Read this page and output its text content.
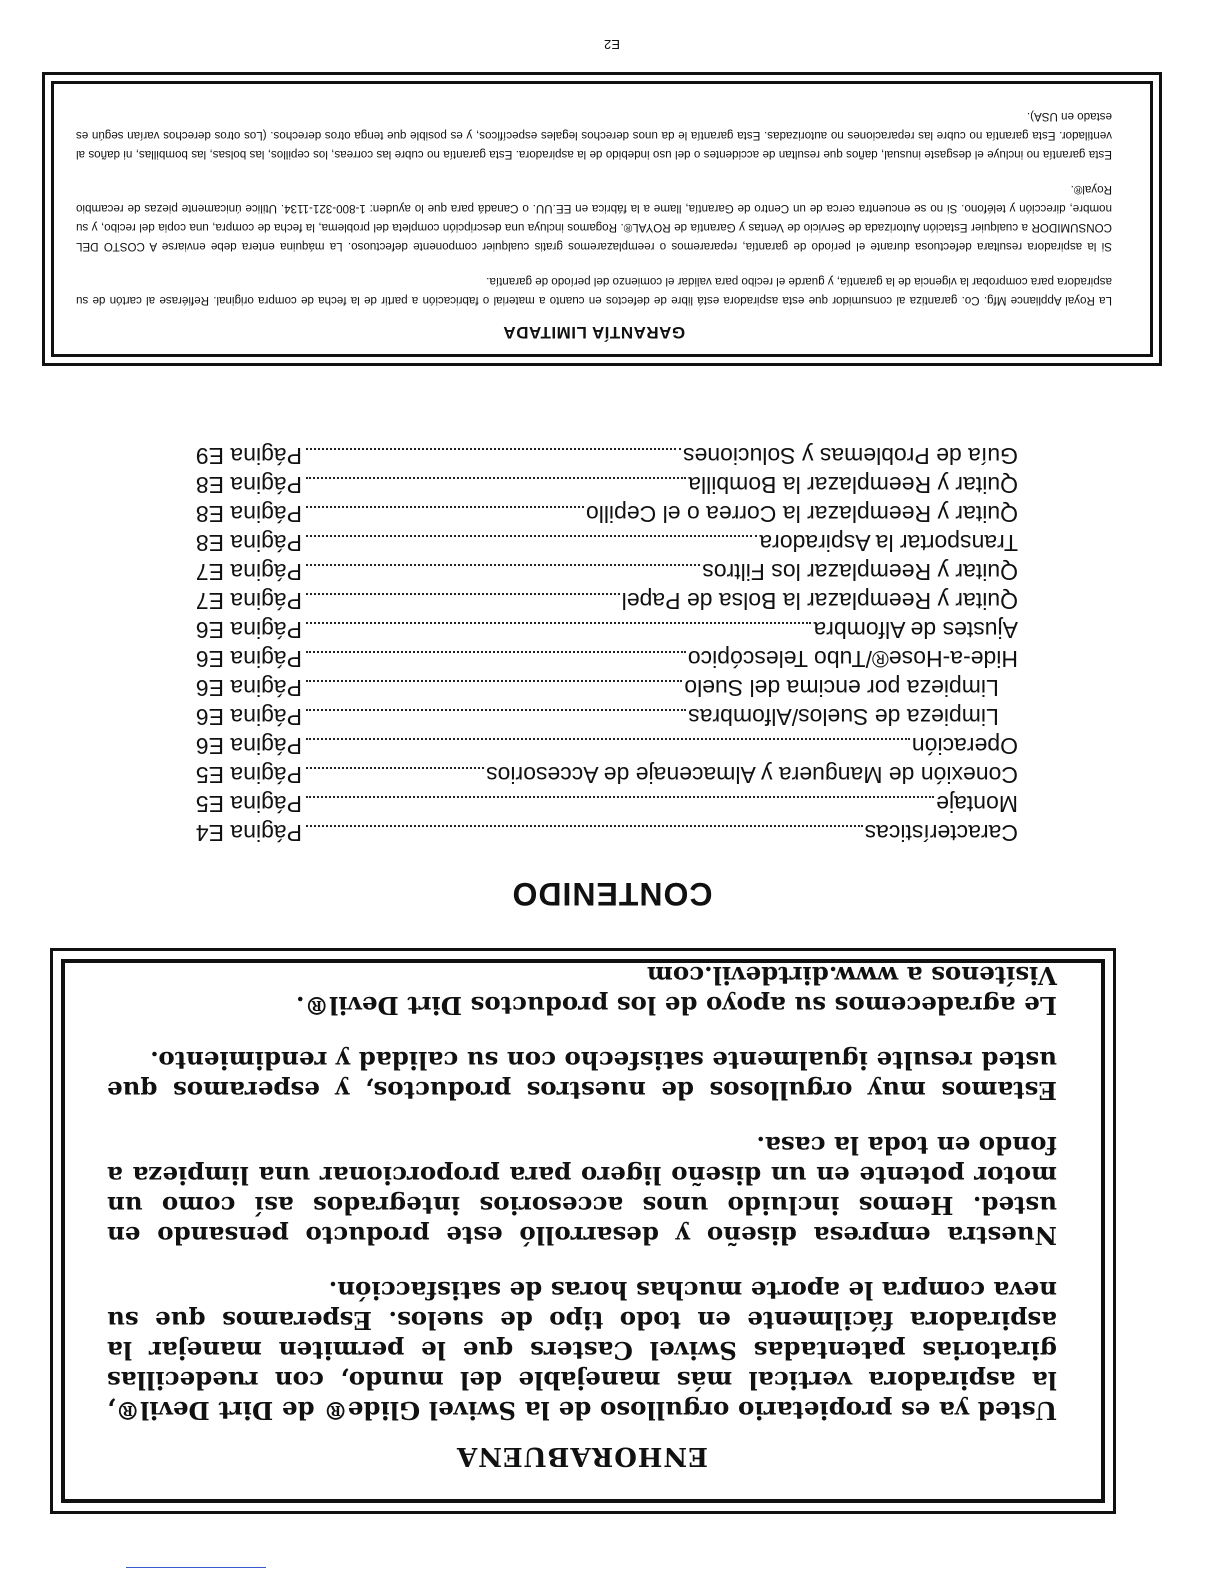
ENHORABUENA

Usted ya es propietario orgulloso de la Swivel Glide® de Dirt Devil®, la aspiradora vertical más manejable del mundo, con ruedecillas giratorias patentadas Swivel Casters que le permiten manejar la aspiradora fácilmente en todo tipo de suelos. Esperamos que su neva compra le aporte muchas horas de satisfacción.

Nuestra empresa diseño y desarrolló este producto pensando en usted. Hemos incluido unos accesorios integrados así como un motor potente en un diseño ligero para proporcionar una limpieza a fondo en toda la casa.

Estamos muy orgullosos de nuestros productos, y esperamos que usted resulte igualmente satisfecho con su calidad y rendimiento.

Le agradecemos su apoyo de los productos Dirt Devil®.

Visítenos a www.dirtdevil.com

CONTENIDO
Características
Página E4
Montaje
Página E5
Conexión de Manguera y Almacenaje de Accesorios
Página E5
Operación
Página E6
Limpieza de Suelos/Alfombras
Página E6
Limpieza por encima del Suelo
Página E6
Hide-a-Hose®/Tubo Telescópico
Página E6
Ajustes de Alfombra
Página E6
Quitar y Reemplazar la Bolsa de Papel
Página E7
Quitar y Reemplazar los Filtros
Página E7
Transportar la Aspiradora
Página E8
Quitar y Reemplazar la Correa o el Cepillo
Página E8
Quitar y Reemplazar la Bombilla
Página E8
Guía de Problemas y Soluciones
Página E9
GARANTÍA LIMITADA

La Royal Appliance Mfg. Co. garantiza al consumidor que esta aspiradora está libre de defectos en cuanto a material o fabricación a partir de la fecha de compra original. Refiérase al cartón de su aspiradora para comprobar la vigencia de la garantía, y guarde el recibo para validar el comienzo del período de garantía.

Si la aspiradora resultara defectuosa durante el período de garantía, repararemos o reemplazaremos gratis cualquier componente defectuoso. La máquina entera debe enviarse A COSTO DEL CONSUMIDOR a cualquier Estación Autorizada de Servicio de Ventas y Garantía de ROYAL®. Rogamos incluya una descripción completa del problema, la fecha de compra, una copia del recibo, y su nombre, dirección y teléfono. Si no se encuentra cerca de un Centro de Garantía, llame a la fábrica en EE.UU. o Canadá para que lo ayuden: 1-800-321-1134. Utilice únicamente piezas de recambio Royal®.

Esta garantía no incluye el desgaste inusual, daños que resultan de accidentes o del uso indebido de la aspiradora. Esta garantía no cubre las correas, los cepillos, las bolsas, las bombillas, ni daños al ventilador. Esta garantía no cubre las reparaciones no autorizadas. Esta garantía le da unos derechos legales específicos, y es posible que tenga otros derechos. (Los otros derechos varían según es estado en USA).

E2
